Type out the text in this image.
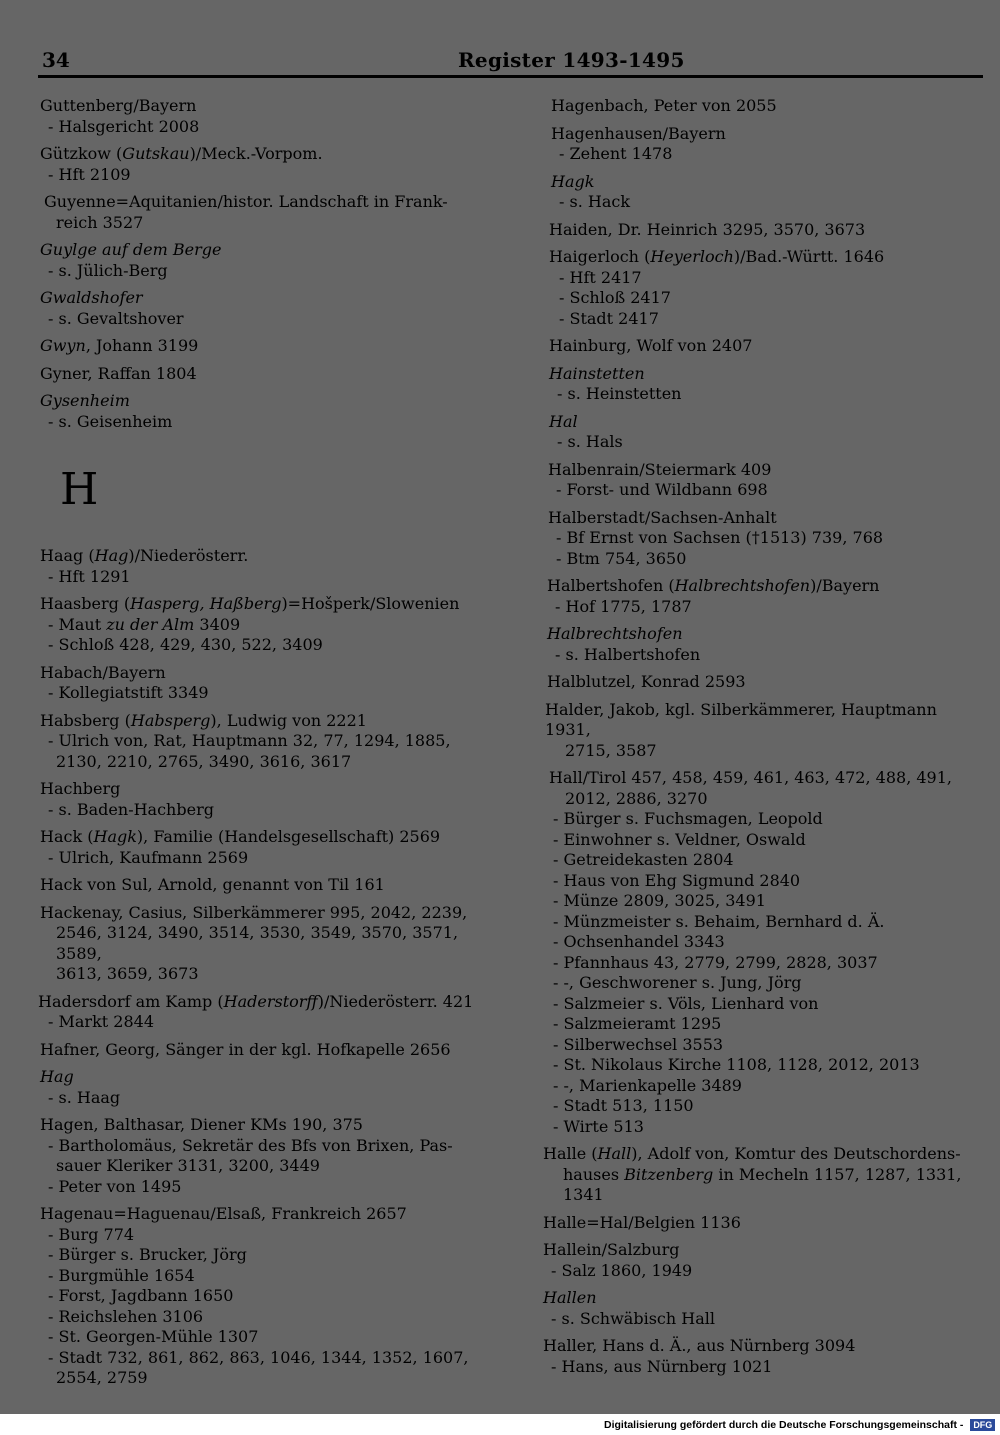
34	Register 1493-1495
Guttenberg/Bayern
- Halsgericht 2008
Gützkow (Gutskau)/Meck.-Vorpom.
- Hft 2109
Guyenne=Aquitanien/histor. Landschaft in Frank-
reich 3527
Guylge auf dem Berge
- s. Jülich-Berg
Gwaldshofer
- s. Gevaltshover
Gwyn, Johann 3199
Gyner, Raffan 1804
Gysenheim
- s. Geisenheim
H
Haag (Hag)/Niederösterr.
- Hft 1291
Haasberg (Hasperg, Haßberg)=Hošperk/Slowenien
- Maut zu der Alm 3409
- Schloß 428, 429, 430, 522, 3409
Habach/Bayern
- Kollegiatstift 3349
Habsberg (Habsperg), Ludwig von 2221
- Ulrich von, Rat, Hauptmann 32, 77, 1294, 1885,
2130, 2210, 2765, 3490, 3616, 3617
Hachberg
- s. Baden-Hachberg
Hack (Hagk), Familie (Handelsgesellschaft) 2569
- Ulrich, Kaufmann 2569
Hack von Sul, Arnold, genannt von Til 161
Hackenay, Casius, Silberkämmerer 995, 2042, 2239,
2546, 3124, 3490, 3514, 3530, 3549, 3570, 3571, 3589,
3613, 3659, 3673
Hadersdorf am Kamp (Haderstorff)/Niederösterr. 421
- Markt 2844
Hafner, Georg, Sänger in der kgl. Hofkapelle 2656
Hag
- s. Haag
Hagen, Balthasar, Diener KMs 190, 375
- Bartholomäus, Sekretär des Bfs von Brixen, Pas-
sauer Kleriker 3131, 3200, 3449
- Peter von 1495
Hagenau=Haguenau/Elsaß, Frankreich 2657
- Burg 774
- Bürger s. Brucker, Jörg
- Burgmühle 1654
- Forst, Jagdbann 1650
- Reichslehen 3106
- St. Georgen-Mühle 1307
- Stadt 732, 861, 862, 863, 1046, 1344, 1352, 1607,
2554, 2759
Hagenbach, Peter von 2055
Hagenhausen/Bayern
- Zehent 1478
Hagk
- s. Hack
Haiden, Dr. Heinrich 3295, 3570, 3673
Haigerloch (Heyerloch)/Bad.-Württ. 1646
- Hft 2417
- Schloß 2417
- Stadt 2417
Hainburg, Wolf von 2407
Hainstetten
- s. Heinstetten
Hal
- s. Hals
Halbenrain/Steiermark 409
- Forst- und Wildbann 698
Halberstadt/Sachsen-Anhalt
- Bf Ernst von Sachsen (†1513) 739, 768
- Btm 754, 3650
Halbertshofen (Halbrechtshofen)/Bayern
- Hof 1775, 1787
Halbrechtshofen
- s. Halbertshofen
Halblutzel, Konrad 2593
Halder, Jakob, kgl. Silberkämmerer, Hauptmann 1931,
2715, 3587
Hall/Tirol 457, 458, 459, 461, 463, 472, 488, 491,
2012, 2886, 3270
- Bürger s. Fuchsmagen, Leopold
- Einwohner s. Veldner, Oswald
- Getreidekasten 2804
- Haus von Ehg Sigmund 2840
- Münze 2809, 3025, 3491
- Münzmeister s. Behaim, Bernhard d. Ä.
- Ochsenhandel 3343
- Pfannhaus 43, 2779, 2799, 2828, 3037
- -, Geschworener s. Jung, Jörg
- Salzmeier s. Völs, Lienhard von
- Salzmeieramt 1295
- Silberwechsel 3553
- St. Nikolaus Kirche 1108, 1128, 2012, 2013
- -, Marienkapelle 3489
- Stadt 513, 1150
- Wirte 513
Halle (Hall), Adolf von, Komtur des Deutschordens-
hauses Bitzenberg in Mecheln 1157, 1287, 1331,
1341
Halle=Hal/Belgien 1136
Hallein/Salzburg
- Salz 1860, 1949
Hallen
- s. Schwäbisch Hall
Haller, Hans d. Ä., aus Nürnberg 3094
- Hans, aus Nürnberg 1021
Digitalisierung gefördert durch die Deutsche Forschungsgemeinschaft - DFG
